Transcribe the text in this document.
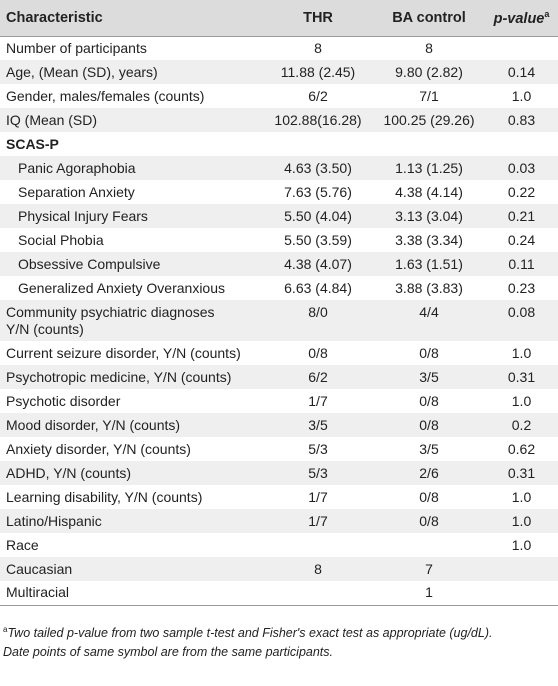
Characteristic	THR	BA control	p-value$^a$
Number of participants	8	8	
Age, (Mean (SD), years)	11.88 (2.45)	9.80 (2.82)	0.14
Gender, males/females (counts)	6/2	7/1	1.0
IQ (Mean (SD)	102.88(16.28)	100.25 (29.26)	0.83
SCAS-P			
Panic Agoraphobia	4.63 (3.50)	1.13 (1.25)	0.03
Separation Anxiety	7.63 (5.76)	4.38 (4.14)	0.22
Physical Injury Fears	5.50 (4.04)	3.13 (3.04)	0.21
Social Phobia	5.50 (3.59)	3.38 (3.34)	0.24
Obsessive Compulsive	4.38 (4.07)	1.63 (1.51)	0.11
Generalized Anxiety Overanxious	6.63 (4.84)	3.88 (3.83)	0.23
Community psychiatric diagnoses
Y/N (counts)	8/0	4/4	0.08
Current seizure disorder, Y/N (counts)	0/8	0/8	1.0
Psychotropic medicine, Y/N (counts)	6/2	3/5	0.31
Psychotic disorder	1/7	0/8	1.0
Mood disorder, Y/N (counts)	3/5	0/8	0.2
Anxiety disorder, Y/N (counts)	5/3	3/5	0.62
ADHD, Y/N (counts)	5/3	2/6	0.31
Learning disability, Y/N (counts)	1/7	0/8	1.0
Latino/Hispanic	1/7	0/8	1.0
Race			1.0
Caucasian	8	7	
Multiracial		1	
$^a$Two tailed p-value from two sample t-test and Fisher's exact test as appropriate (ug/dL).
Date points of same symbol are from the same participants.
